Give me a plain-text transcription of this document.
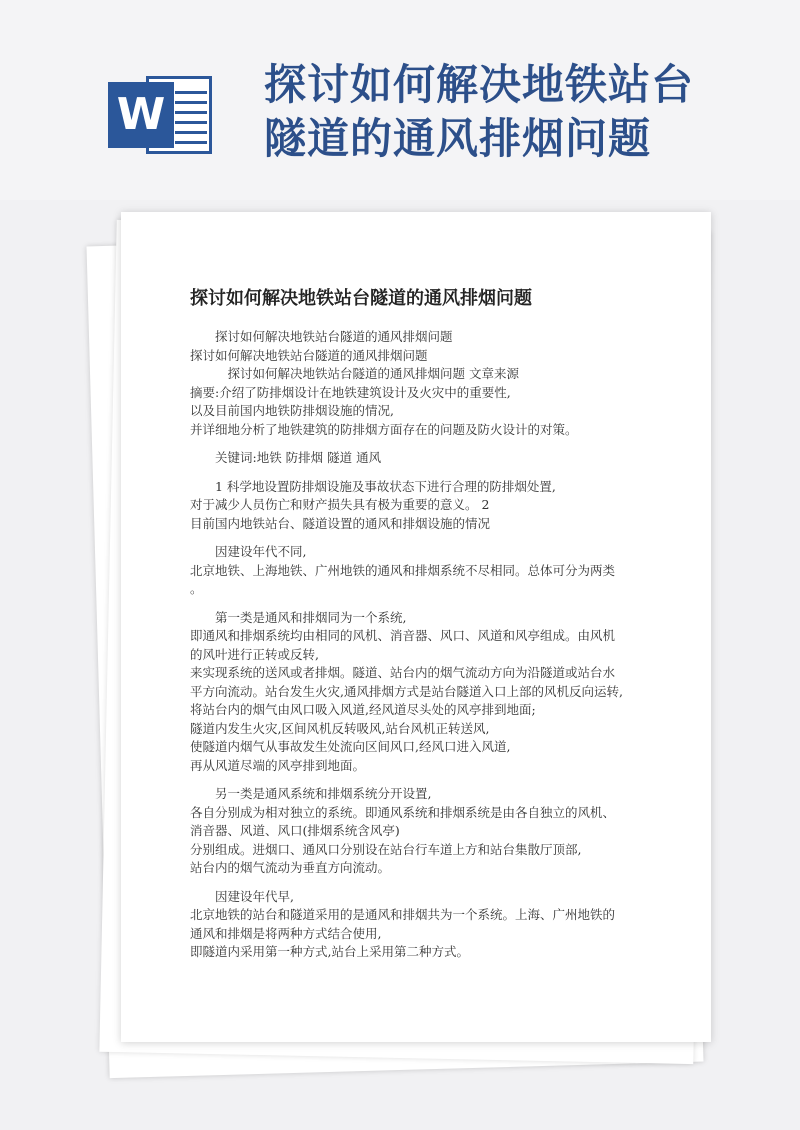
W
探讨如何解决地铁站台
隧道的通风排烟问题
探讨如何解决地铁站台隧道的通风排烟问题
　　探讨如何解决地铁站台隧道的通风排烟问题
探讨如何解决地铁站台隧道的通风排烟问题
　　　探讨如何解决地铁站台隧道的通风排烟问题 文章来源
摘要:介绍了防排烟设计在地铁建筑设计及火灾中的重要性,
以及目前国内地铁防排烟设施的情况,
并详细地分析了地铁建筑的防排烟方面存在的问题及防火设计的对策。
　　关键词:地铁 防排烟 隧道 通风
　　1 科学地设置防排烟设施及事故状态下进行合理的防排烟处置,
对于减少人员伤亡和财产损失具有极为重要的意义。 2
目前国内地铁站台、隧道设置的通风和排烟设施的情况
　　因建设年代不同,
北京地铁、上海地铁、广州地铁的通风和排烟系统不尽相同。总体可分为两类
。
　　第一类是通风和排烟同为一个系统,
即通风和排烟系统均由相同的风机、消音器、风口、风道和风亭组成。由风机
的风叶进行正转或反转,
来实现系统的送风或者排烟。隧道、站台内的烟气流动方向为沿隧道或站台水
平方向流动。站台发生火灾,通风排烟方式是站台隧道入口上部的风机反向运转,
将站台内的烟气由风口吸入风道,经风道尽头处的风亭排到地面;
隧道内发生火灾,区间风机反转吸风,站台风机正转送风,
使隧道内烟气从事故发生处流向区间风口,经风口进入风道,
再从风道尽端的风亭排到地面。
　　另一类是通风系统和排烟系统分开设置,
各自分别成为相对独立的系统。即通风系统和排烟系统是由各自独立的风机、
消音器、风道、风口(排烟系统含风亭)
分别组成。进烟口、通风口分别设在站台行车道上方和站台集散厅顶部,
站台内的烟气流动为垂直方向流动。
　　因建设年代早,
北京地铁的站台和隧道采用的是通风和排烟共为一个系统。上海、广州地铁的
通风和排烟是将两种方式结合使用,
即隧道内采用第一种方式,站台上采用第二种方式。
